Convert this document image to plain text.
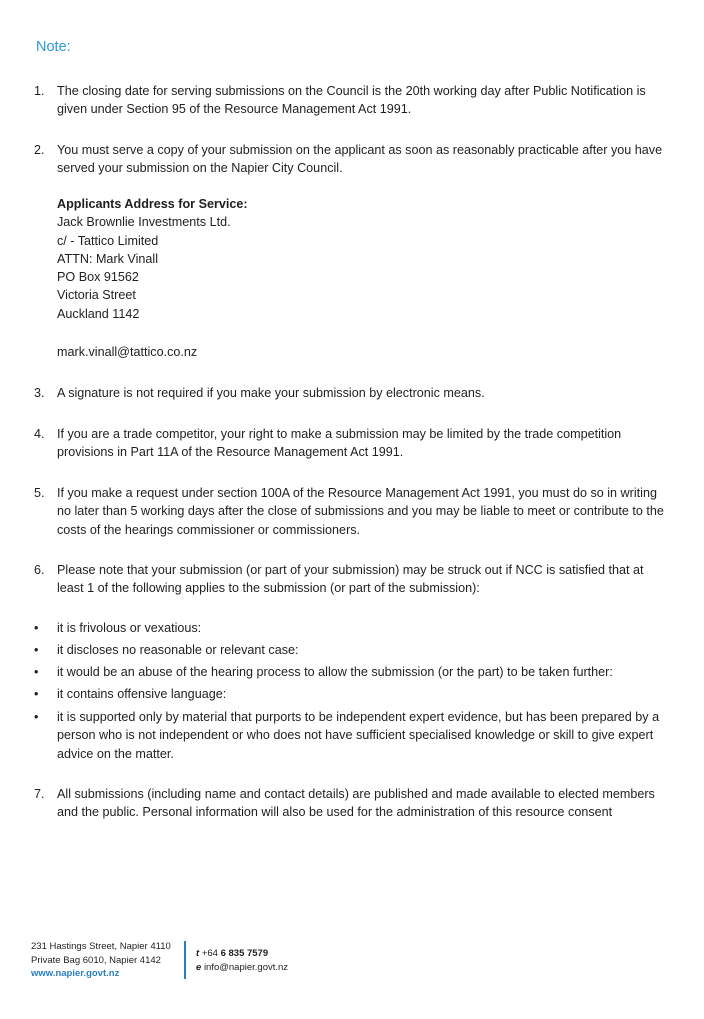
Note:
1. The closing date for serving submissions on the Council is the 20th working day after Public Notification is given under Section 95 of the Resource Management Act 1991.
2. You must serve a copy of your submission on the applicant as soon as reasonably practicable after you have served your submission on the Napier City Council.
Applicants Address for Service:
Jack Brownlie Investments Ltd.
c/ - Tattico Limited
ATTN: Mark Vinall
PO Box 91562
Victoria Street
Auckland 1142
mark.vinall@tattico.co.nz
3. A signature is not required if you make your submission by electronic means.
4. If you are a trade competitor, your right to make a submission may be limited by the trade competition provisions in Part 11A of the Resource Management Act 1991.
5. If you make a request under section 100A of the Resource Management Act 1991, you must do so in writing no later than 5 working days after the close of submissions and you may be liable to meet or contribute to the costs of the hearings commissioner or commissioners.
6. Please note that your submission (or part of your submission) may be struck out if NCC is satisfied that at least 1 of the following applies to the submission (or part of the submission):
•	it is frivolous or vexatious:
•	it discloses no reasonable or relevant case:
•	it would be an abuse of the hearing process to allow the submission (or the part) to be taken further:
•	it contains offensive language:
•	it is supported only by material that purports to be independent expert evidence, but has been prepared by a person who is not independent or who does not have sufficient specialised knowledge or skill to give expert advice on the matter.
7. All submissions (including name and contact details) are published and made available to elected members and the public. Personal information will also be used for the administration of this resource consent
231 Hastings Street, Napier 4110
Private Bag 6010, Napier 4142
www.napier.govt.nz
t +64 6 835 7579
e info@napier.govt.nz
